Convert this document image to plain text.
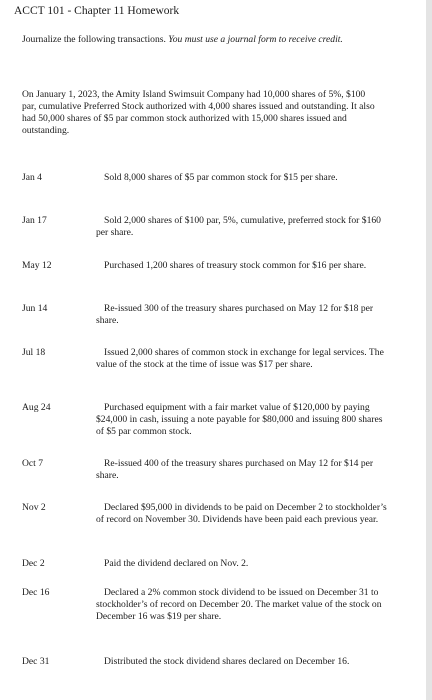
ACCT 101 - Chapter 11 Homework
Journalize the following transactions. You must use a journal form to receive credit.
On January 1, 2023, the Amity Island Swimsuit Company had 10,000 shares of 5%, $100 par, cumulative Preferred Stock authorized with 4,000 shares issued and outstanding. It also had 50,000 shares of $5 par common stock authorized with 15,000 shares issued and outstanding.
Jan 4	Sold 8,000 shares of $5 par common stock for $15 per share.
Jan 17	Sold 2,000 shares of $100 par, 5%, cumulative, preferred stock for $160 per share.
May 12	Purchased 1,200 shares of treasury stock common for $16 per share.
Jun 14	Re-issued 300 of the treasury shares purchased on May 12 for $18 per share.
Jul 18	Issued 2,000 shares of common stock in exchange for legal services. The value of the stock at the time of issue was $17 per share.
Aug 24	Purchased equipment with a fair market value of $120,000 by paying $24,000 in cash, issuing a note payable for $80,000 and issuing 800 shares of $5 par common stock.
Oct 7	Re-issued 400 of the treasury shares purchased on May 12 for $14 per share.
Nov 2	Declared $95,000 in dividends to be paid on December 2 to stockholder’s of record on November 30. Dividends have been paid each previous year.
Dec 2	Paid the dividend declared on Nov. 2.
Dec 16	Declared a 2% common stock dividend to be issued on December 31 to stockholder’s of record on December 20. The market value of the stock on December 16 was $19 per share.
Dec 31	Distributed the stock dividend shares declared on December 16.
